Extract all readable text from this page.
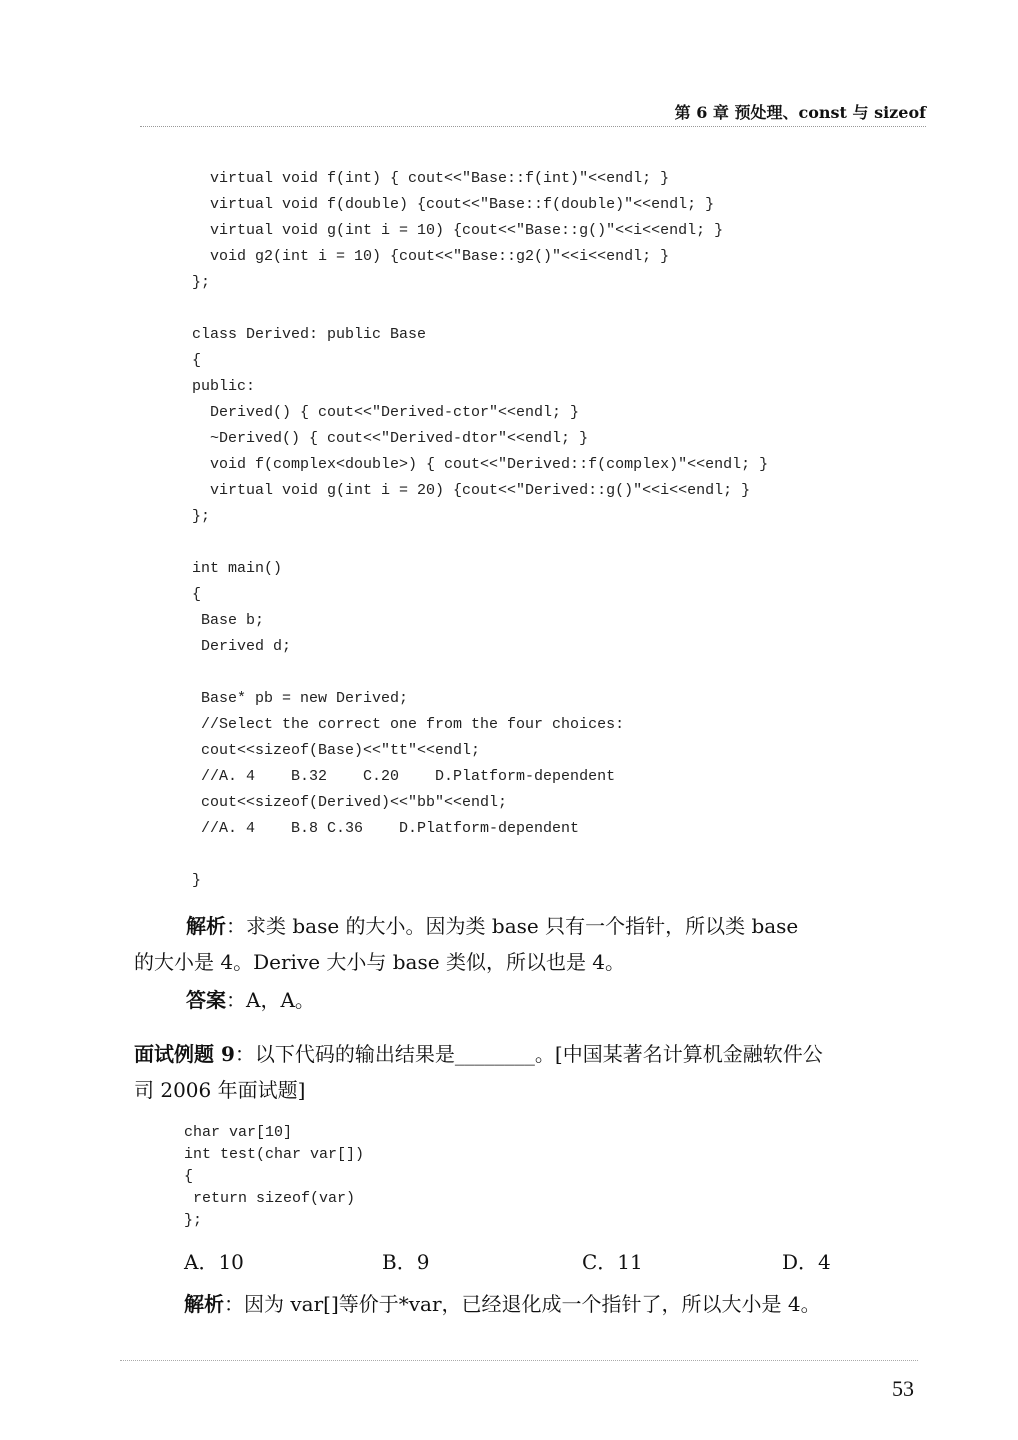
第 6 章 预处理、const 与 sizeof
virtual void f(int) { cout<<"Base::f(int)"<<endl; }
virtual void f(double) {cout<<"Base::f(double)"<<endl; }
virtual void g(int i = 10) {cout<<"Base::g()"<<i<<endl; }
void g2(int i = 10) {cout<<"Base::g2()"<<i<<endl; }
};
class Derived: public Base
{
public:
Derived() { cout<<"Derived-ctor"<<endl; }
~Derived() { cout<<"Derived-dtor"<<endl; }
void f(complex<double>) { cout<<"Derived::f(complex)"<<endl; }
virtual void g(int i = 20) {cout<<"Derived::g()"<<i<<endl; }
};
int main()
{
Base b;
Derived d;
Base* pb = new Derived;
//Select the correct one from the four choices:
cout<<sizeof(Base)<<"tt"<<endl;
//A. 4    B.32    C.20    D.Platform-dependent
cout<<sizeof(Derived)<<"bb"<<endl;
//A. 4    B.8 C.36    D.Platform-dependent
}
解析：求类 base 的大小。因为类 base 只有一个指针，所以类 base
的大小是 4。Derive 大小与 base 类似，所以也是 4。
答案：A，A。
面试例题 9：以下代码的输出结果是________。[中国某著名计算机金融软件公
司 2006 年面试题]
char var[10]
int test(char var[])
{
return sizeof(var)
};
A．10	B．9	C．11	D．4
解析：因为 var[]等价于*var，已经退化成一个指针了，所以大小是 4。
53
